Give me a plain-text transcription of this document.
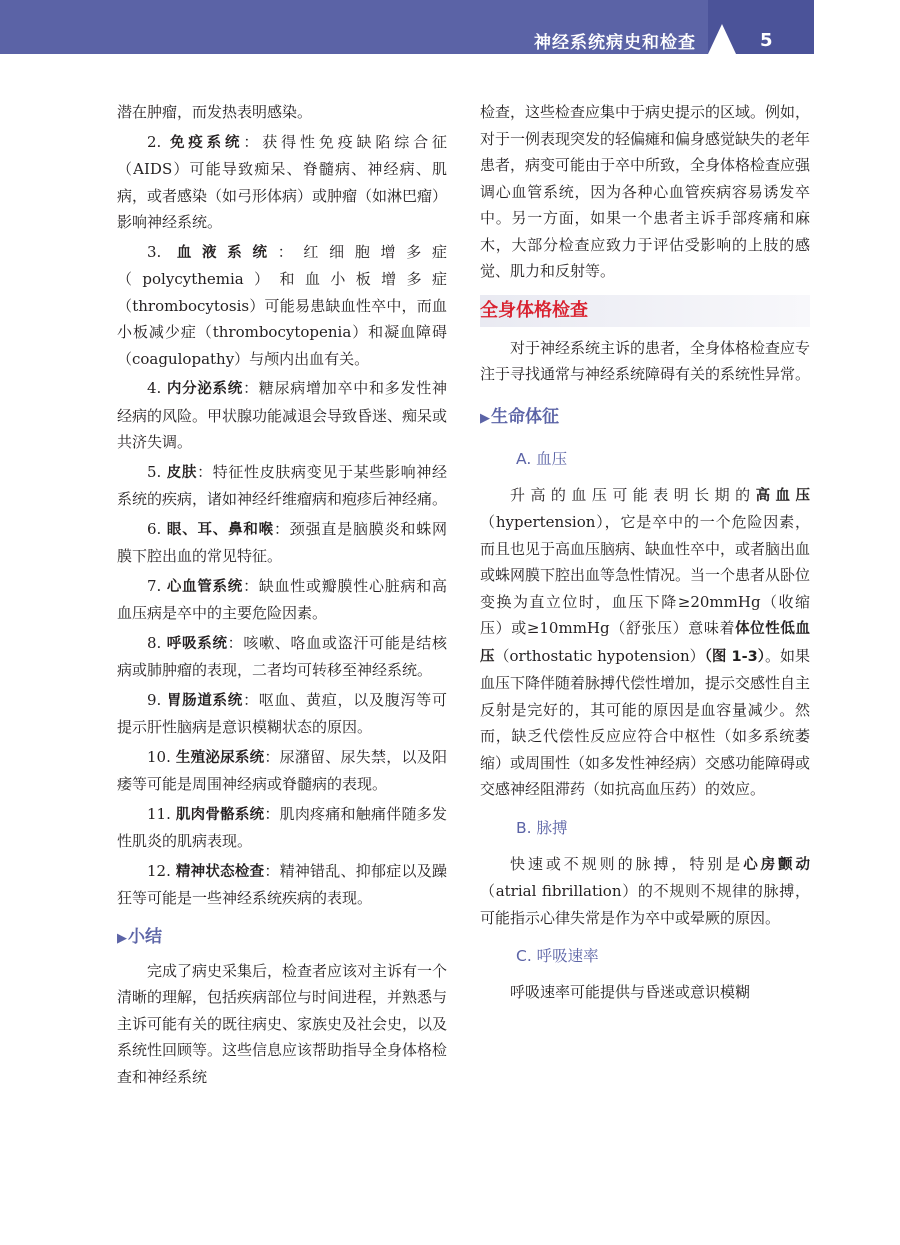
神经系统病史和检查	5

潜在肿瘤，而发热表明感染。

2. 免疫系统：获得性免疫缺陷综合征（AIDS）可能导致痴呆、脊髓病、神经病、肌病，或者感染（如弓形体病）或肿瘤（如淋巴瘤）影响神经系统。

3. 血液系统：红细胞增多症（polycythemia）和血小板增多症（thrombocytosis）可能易患缺血性卒中，而血小板减少症（thrombocytopenia）和凝血障碍（coagulopathy）与颅内出血有关。

4. 内分泌系统：糖尿病增加卒中和多发性神经病的风险。甲状腺功能减退会导致昏迷、痴呆或共济失调。

5. 皮肤：特征性皮肤病变见于某些影响神经系统的疾病，诸如神经纤维瘤病和疱疹后神经痛。

6. 眼、耳、鼻和喉：颈强直是脑膜炎和蛛网膜下腔出血的常见特征。

7. 心血管系统：缺血性或瓣膜性心脏病和高血压病是卒中的主要危险因素。

8. 呼吸系统：咳嗽、咯血或盗汗可能是结核病或肺肿瘤的表现，二者均可转移至神经系统。

9. 胃肠道系统：呕血、黄疸，以及腹泻等可提示肝性脑病是意识模糊状态的原因。

10. 生殖泌尿系统：尿潴留、尿失禁，以及阳痿等可能是周围神经病或脊髓病的表现。

11. 肌肉骨骼系统：肌肉疼痛和触痛伴随多发性肌炎的肌病表现。

12. 精神状态检查：精神错乱、抑郁症以及躁狂等可能是一些神经系统疾病的表现。

▶小结

完成了病史采集后，检查者应该对主诉有一个清晰的理解，包括疾病部位与时间进程，并熟悉与主诉可能有关的既往病史、家族史及社会史，以及系统性回顾等。这些信息应该帮助指导全身体格检查和神经系统

检查，这些检查应集中于病史提示的区域。例如，对于一例表现突发的轻偏瘫和偏身感觉缺失的老年患者，病变可能由于卒中所致，全身体格检查应强调心血管系统，因为各种心血管疾病容易诱发卒中。另一方面，如果一个患者主诉手部疼痛和麻木，大部分检查应致力于评估受影响的上肢的感觉、肌力和反射等。

全身体格检查

对于神经系统主诉的患者，全身体格检查应专注于寻找通常与神经系统障碍有关的系统性异常。

▶生命体征
A. 血压

升高的血压可能表明长期的高血压（hypertension），它是卒中的一个危险因素，而且也见于高血压脑病、缺血性卒中，或者脑出血或蛛网膜下腔出血等急性情况。当一个患者从卧位变换为直立位时，血压下降≥20mmHg（收缩压）或≥10mmHg（舒张压）意味着体位性低血压（orthostatic hypotension）（图 1-3）。如果血压下降伴随着脉搏代偿性增加，提示交感性自主反射是完好的，其可能的原因是血容量减少。然而，缺乏代偿性反应应符合中枢性（如多系统萎缩）或周围性（如多发性神经病）交感功能障碍或交感神经阻滞药（如抗高血压药）的效应。

B. 脉搏

快速或不规则的脉搏，特别是心房颤动（atrial fibrillation）的不规则不规律的脉搏，可能指示心律失常是作为卒中或晕厥的原因。

C. 呼吸速率

呼吸速率可能提供与昏迷或意识模糊
